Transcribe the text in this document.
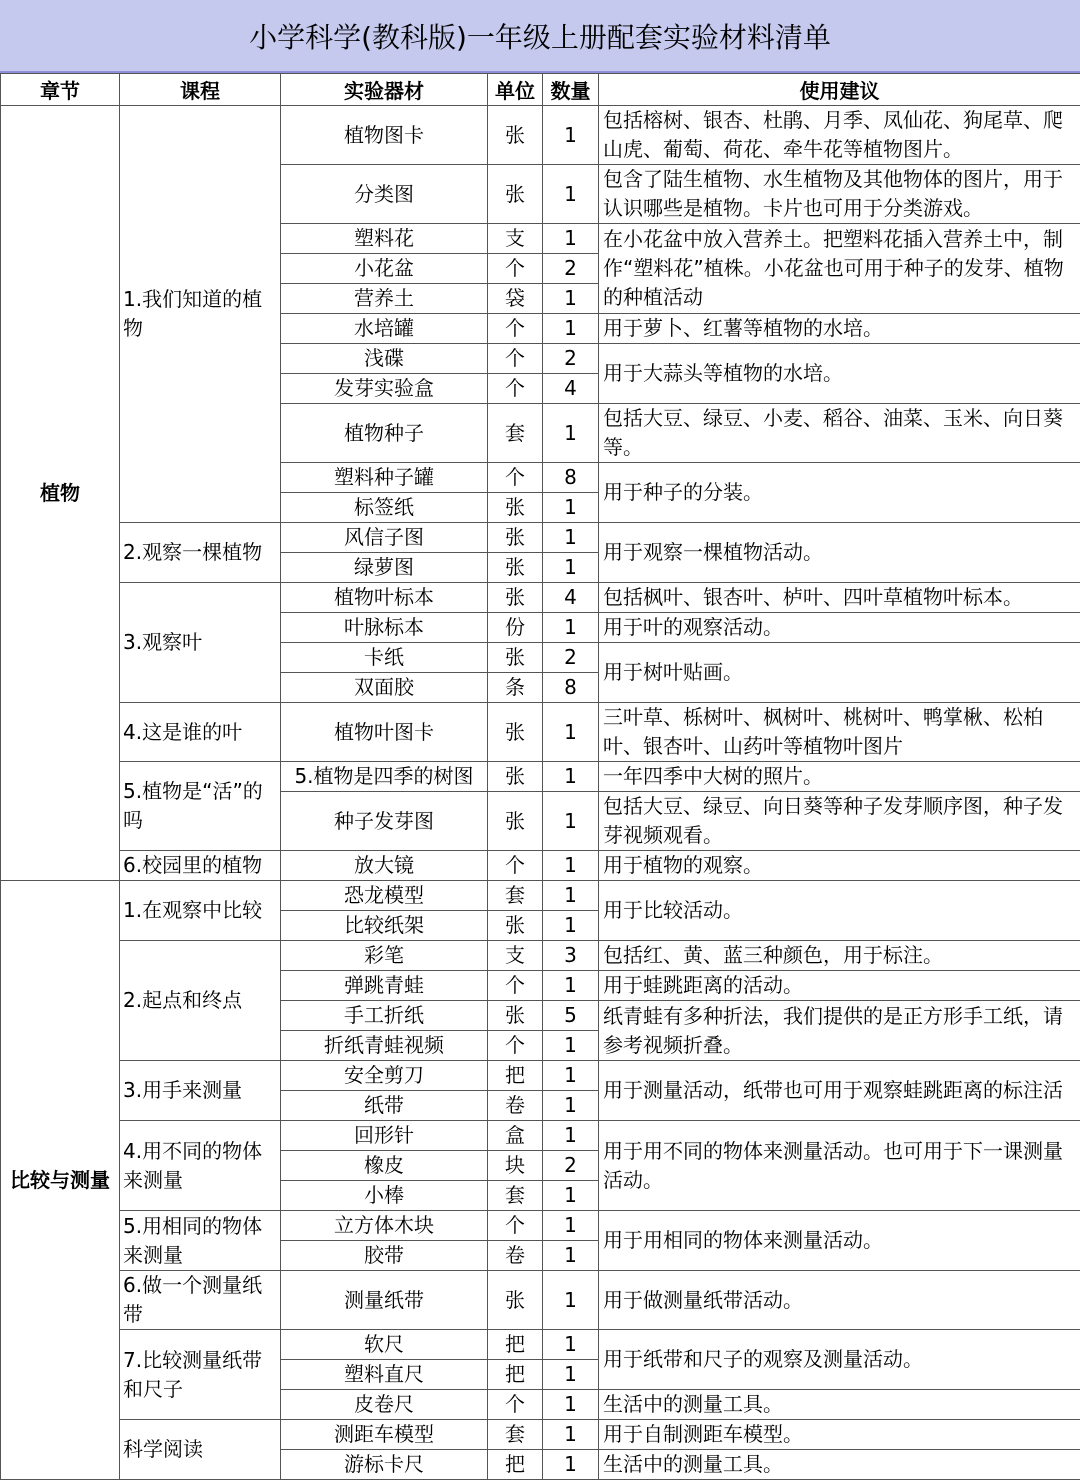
小学科学(教科版)一年级上册配套实验材料清单
章节	课程	实验器材	单位	数量	使用建议
植物	1.我们知道的植物	植物图卡	张	1	包括榕树、银杏、杜鹃、月季、凤仙花、狗尾草、爬山虎、葡萄、荷花、牵牛花等植物图片。
		分类图	张	1	包含了陆生植物、水生植物及其他物体的图片，用于认识哪些是植物。卡片也可用于分类游戏。
		塑料花	支	1	在小花盆中放入营养土。把塑料花插入营养土中，制作“塑料花”植株。小花盆也可用于种子的发芽、植物的种植活动
		小花盆	个	2	
		营养土	袋	1	
		水培罐	个	1	用于萝卜、红薯等植物的水培。
		浅碟	个	2	用于大蒜头等植物的水培。
		发芽实验盒	个	4	
		植物种子	套	1	包括大豆、绿豆、小麦、稻谷、油菜、玉米、向日葵等。
		塑料种子罐	个	8	用于种子的分装。
		标签纸	张	1	
	2.观察一棵植物	风信子图	张	1	用于观察一棵植物活动。
		绿萝图	张	1	
	3.观察叶	植物叶标本	张	4	包括枫叶、银杏叶、栌叶、四叶草植物叶标本。
		叶脉标本	份	1	用于叶的观察活动。
		卡纸	张	2	用于树叶贴画。
		双面胶	条	8	
	4.这是谁的叶	植物叶图卡	张	1	三叶草、栎树叶、枫树叶、桃树叶、鸭掌楸、松柏叶、银杏叶、山药叶等植物叶图片
	5.植物是“活”的吗	5.植物是四季的树图	张	1	一年四季中大树的照片。
		种子发芽图	张	1	包括大豆、绿豆、向日葵等种子发芽顺序图，种子发芽视频观看。
	6.校园里的植物	放大镜	个	1	用于植物的观察。
比较与测量	1.在观察中比较	恐龙模型	套	1	用于比较活动。
		比较纸架	张	1	
	2.起点和终点	彩笔	支	3	包括红、黄、蓝三种颜色，用于标注。
		弹跳青蛙	个	1	用于蛙跳距离的活动。
		手工折纸	张	5	纸青蛙有多种折法，我们提供的是正方形手工纸，请参考视频折叠。
		折纸青蛙视频	个	1	
	3.用手来测量	安全剪刀	把	1	用于测量活动，纸带也可用于观察蛙跳距离的标注活
		纸带	卷	1	
	4.用不同的物体来测量	回形针	盒	1	用于用不同的物体来测量活动。也可用于下一课测量活动。
		橡皮	块	2	
		小棒	套	1	
	5.用相同的物体来测量	立方体木块	个	1	用于用相同的物体来测量活动。
		胶带	卷	1	
	6.做一个测量纸带	测量纸带	张	1	用于做测量纸带活动。
	7.比较测量纸带和尺子	软尺	把	1	用于纸带和尺子的观察及测量活动。
		塑料直尺	把	1	
		皮卷尺	个	1	生活中的测量工具。
	科学阅读	测距车模型	套	1	用于自制测距车模型。
		游标卡尺	把	1	生活中的测量工具。
